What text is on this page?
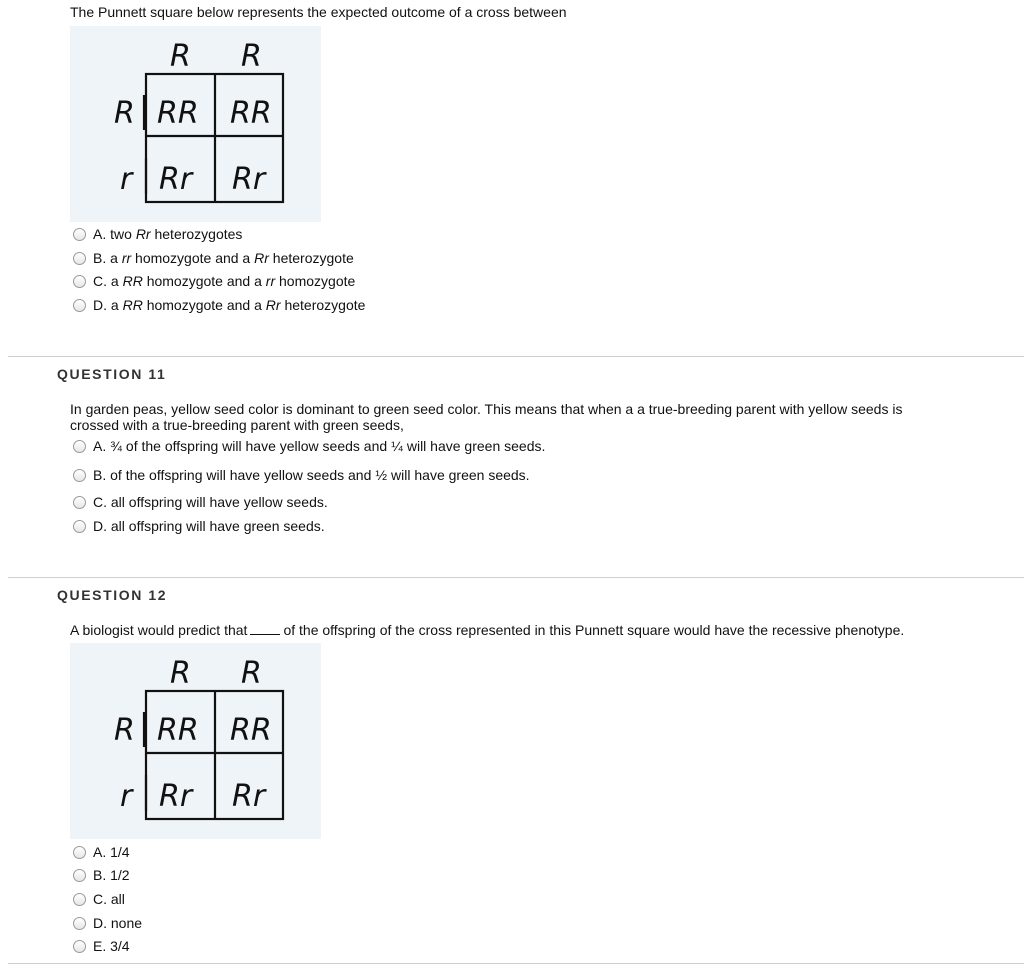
The Punnett square below represents the expected outcome of a cross between
R R
R
r
RR RR
Rr Rr
A. two Rr heterozygotes
B. a rr homozygote and a Rr heterozygote
C. a RR homozygote and a rr homozygote
D. a RR homozygote and a Rr heterozygote
QUESTION 11
In garden peas, yellow seed color is dominant to green seed color. This means that when a a true-breeding parent with yellow seeds is
crossed with a true-breeding parent with green seeds,
A. ¾ of the offspring will have yellow seeds and ¼ will have green seeds.
B. of the offspring will have yellow seeds and ½ will have green seeds.
C. all offspring will have yellow seeds.
D. all offspring will have green seeds.
QUESTION 12
A biologist would predict that	of the offspring of the cross represented in this Punnett square would have the recessive phenotype.
R R
R
r
RR RR
Rr Rr
A. 1/4
B. 1/2
C. all
D. none
E. 3/4
